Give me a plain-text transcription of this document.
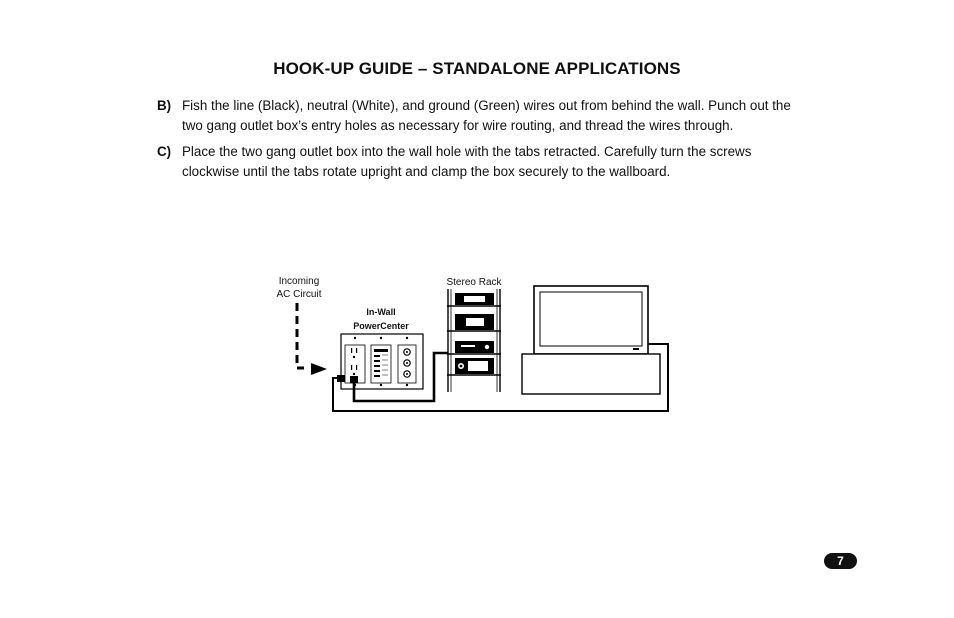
HOOK-UP GUIDE – STANDALONE APPLICATIONS
B) Fish the line (Black), neutral (White), and ground (Green) wires out from behind the wall. Punch out the two gang outlet box’s entry holes as necessary for wire routing, and thread the wires through.
C) Place the two gang outlet box into the wall hole with the tabs retracted. Carefully turn the screws clockwise until the tabs rotate upright and clamp the box securely to the wallboard.
Incoming
AC Circuit
In-Wall
PowerCenter
Stereo Rack
7
